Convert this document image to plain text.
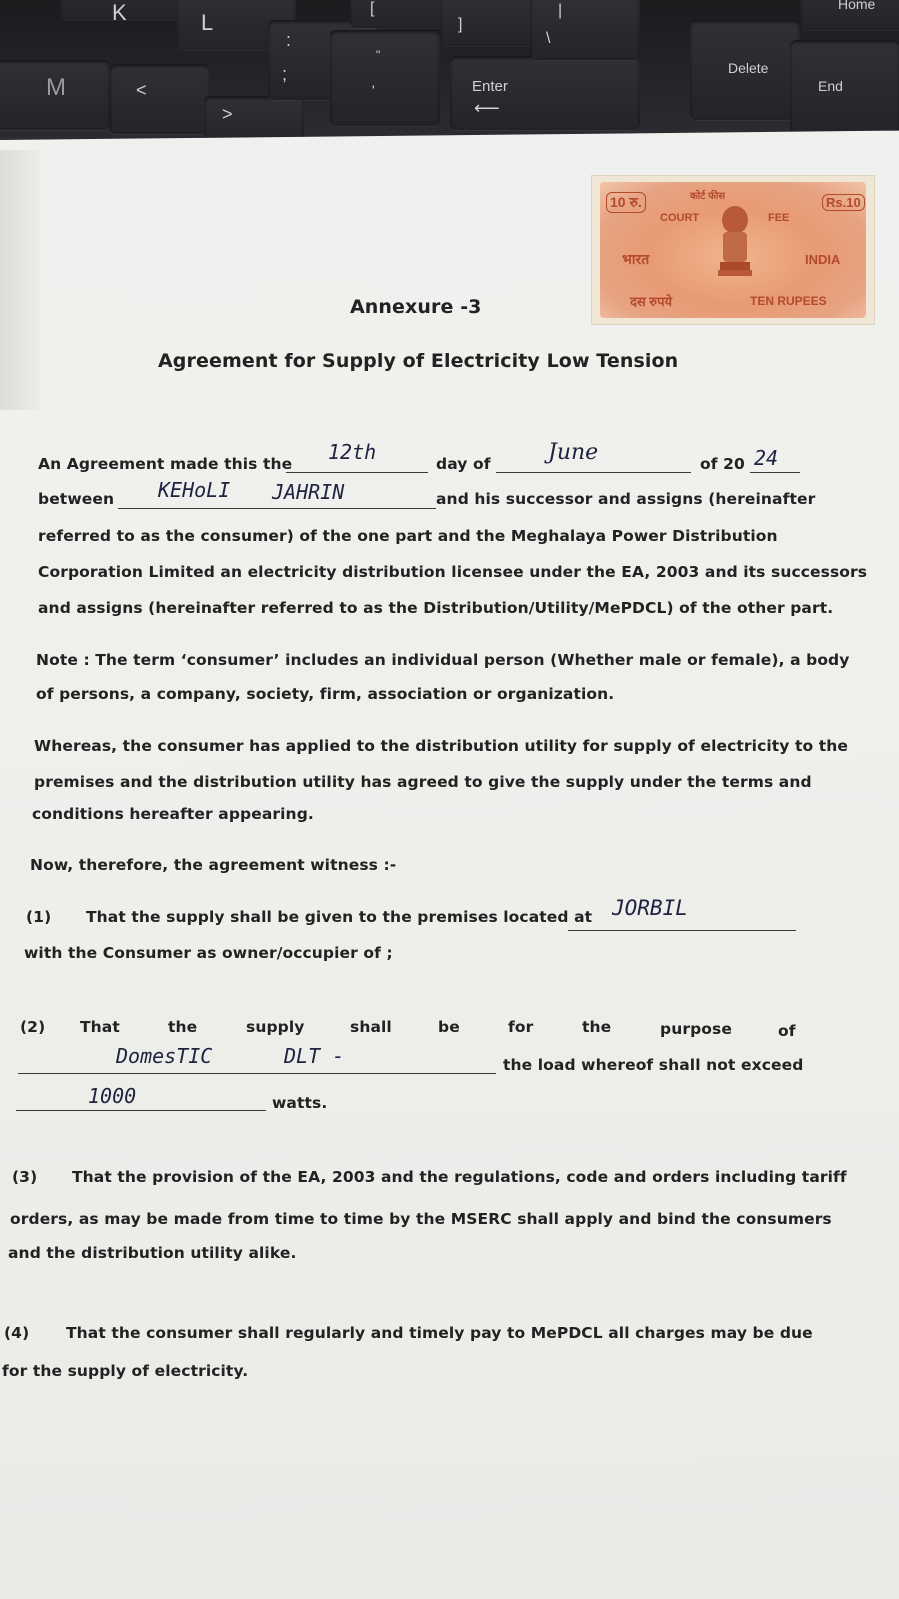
K	L
M	<
>
:
;
"
'
[
]
Enter
⟵
|
\
Delete
Home
End
10 रु.	कोर्ट फीस	Rs.10
COURT	FEE
भारत	INDIA
दस रुपये	TEN RUPEES
Annexure -3
Agreement for Supply of Electricity Low Tension
An Agreement made this the 12th	day of	June	of 20 24
between KEHoLI JAHRIN	and his successor and assigns (hereinafter
referred to as the consumer) of the one part and the Meghalaya Power Distribution
Corporation Limited an electricity distribution licensee under the EA, 2003 and its successors
and assigns (hereinafter referred to as the Distribution/Utility/MePDCL) of the other part.
Note : The term ‘consumer’ includes an individual person (Whether male or female), a body
of persons, a company, society, firm, association or organization.
Whereas, the consumer has applied to the distribution utility for supply of electricity to the
premises and the distribution utility has agreed to give the supply under the terms and
conditions hereafter appearing.
Now, therefore, the agreement witness :-
(1) That the supply shall be given to the premises located at JORBIL
with the Consumer as owner/occupier of ;
(2) That	the	supply	shall	be	for	the	purpose	of
DomesTIC	DLT -	the load whereof shall not exceed
1000	watts.
(3) That the provision of the EA, 2003 and the regulations, code and orders including tariff
orders, as may be made from time to time by the MSERC shall apply and bind the consumers
and the distribution utility alike.
(4) That the consumer shall regularly and timely pay to MePDCL all charges may be due
for the supply of electricity.
